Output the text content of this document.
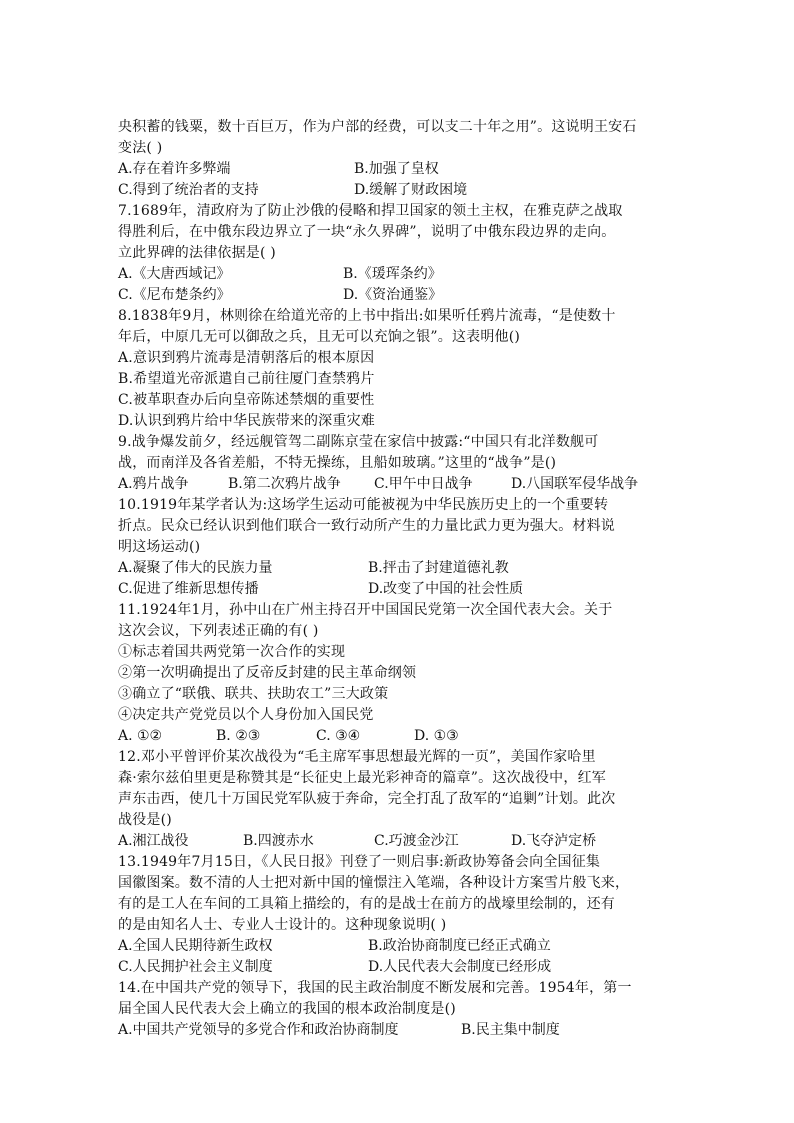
央积蓄的钱粟，数十百巨万，作为户部的经费，可以支二十年之用”。这说明王安石
变法( )
A.存在着许多弊端	B.加强了皇权
C.得到了统治者的支持	D.缓解了财政困境
7.1689年，清政府为了防止沙俄的侵略和捍卫国家的领土主权，在雅克萨之战取
得胜利后，在中俄东段边界立了一块“永久界碑”，说明了中俄东段边界的走向。
立此界碑的法律依据是( )
A.《大唐西域记》	B.《瑗珲条约》
C.《尼布楚条约》	D.《资治通鉴》
8.1838年9月，林则徐在给道光帝的上书中指出:如果听任鸦片流毒，“是使数十
年后，中原几无可以御敌之兵，且无可以充饷之银”。这表明他()
A.意识到鸦片流毒是清朝落后的根本原因
B.希望道光帝派遣自己前往厦门查禁鸦片
C.被革职查办后向皇帝陈述禁烟的重要性
D.认识到鸦片给中华民族带来的深重灾难
9.战争爆发前夕，经远舰管驾二副陈京莹在家信中披露:“中国只有北洋数舰可
战，而南洋及各省差船，不特无操练，且船如玻璃。”这里的“战争”是()
A.鸦片战争	B.第二次鸦片战争 C.甲午中日战争	D.八国联军侵华战争
10.1919年某学者认为:这场学生运动可能被视为中华民族历史上的一个重要转
折点。民众已经认识到他们联合一致行动所产生的力量比武力更为强大。材料说
明这场运动()
A.凝聚了伟大的民族力量	B.抨击了封建道德礼教
C.促进了维新思想传播	D.改变了中国的社会性质
11.1924年1月，孙中山在广州主持召开中国国民党第一次全国代表大会。关于
这次会议，下列表述正确的有( )
①标志着国共两党第一次合作的实现
②第一次明确提出了反帝反封建的民主革命纲领
③确立了“联俄、联共、扶助农工”三大政策
④决定共产党党员以个人身份加入国民党
A. ①②	B. ②③	C. ③④	D. ①③
12.邓小平曾评价某次战役为“毛主席军事思想最光辉的一页”，美国作家哈里
森·索尔兹伯里更是称赞其是“长征史上最光彩神奇的篇章”。这次战役中，红军
声东击西，使几十万国民党军队疲于奔命，完全打乱了敌军的“追剿”计划。此次
战役是()
A.湘江战役	B.四渡赤水	C.巧渡金沙江	D.飞夺泸定桥
13.1949年7月15日，《人民日报》刊登了一则启事:新政协筹备会向全国征集
国徽图案。数不清的人士把对新中国的憧憬注入笔端，各种设计方案雪片般飞来，
有的是工人在车间的工具箱上描绘的，有的是战士在前方的战壕里绘制的，还有
的是由知名人士、专业人士设计的。这种现象说明( )
A.全国人民期待新生政权	B.政治协商制度已经正式确立
C.人民拥护社会主义制度	D.人民代表大会制度已经形成
14.在中国共产党的领导下，我国的民主政治制度不断发展和完善。1954年，第一
届全国人民代表大会上确立的我国的根本政治制度是()
A.中国共产党领导的多党合作和政治协商制度	B.民主集中制度
